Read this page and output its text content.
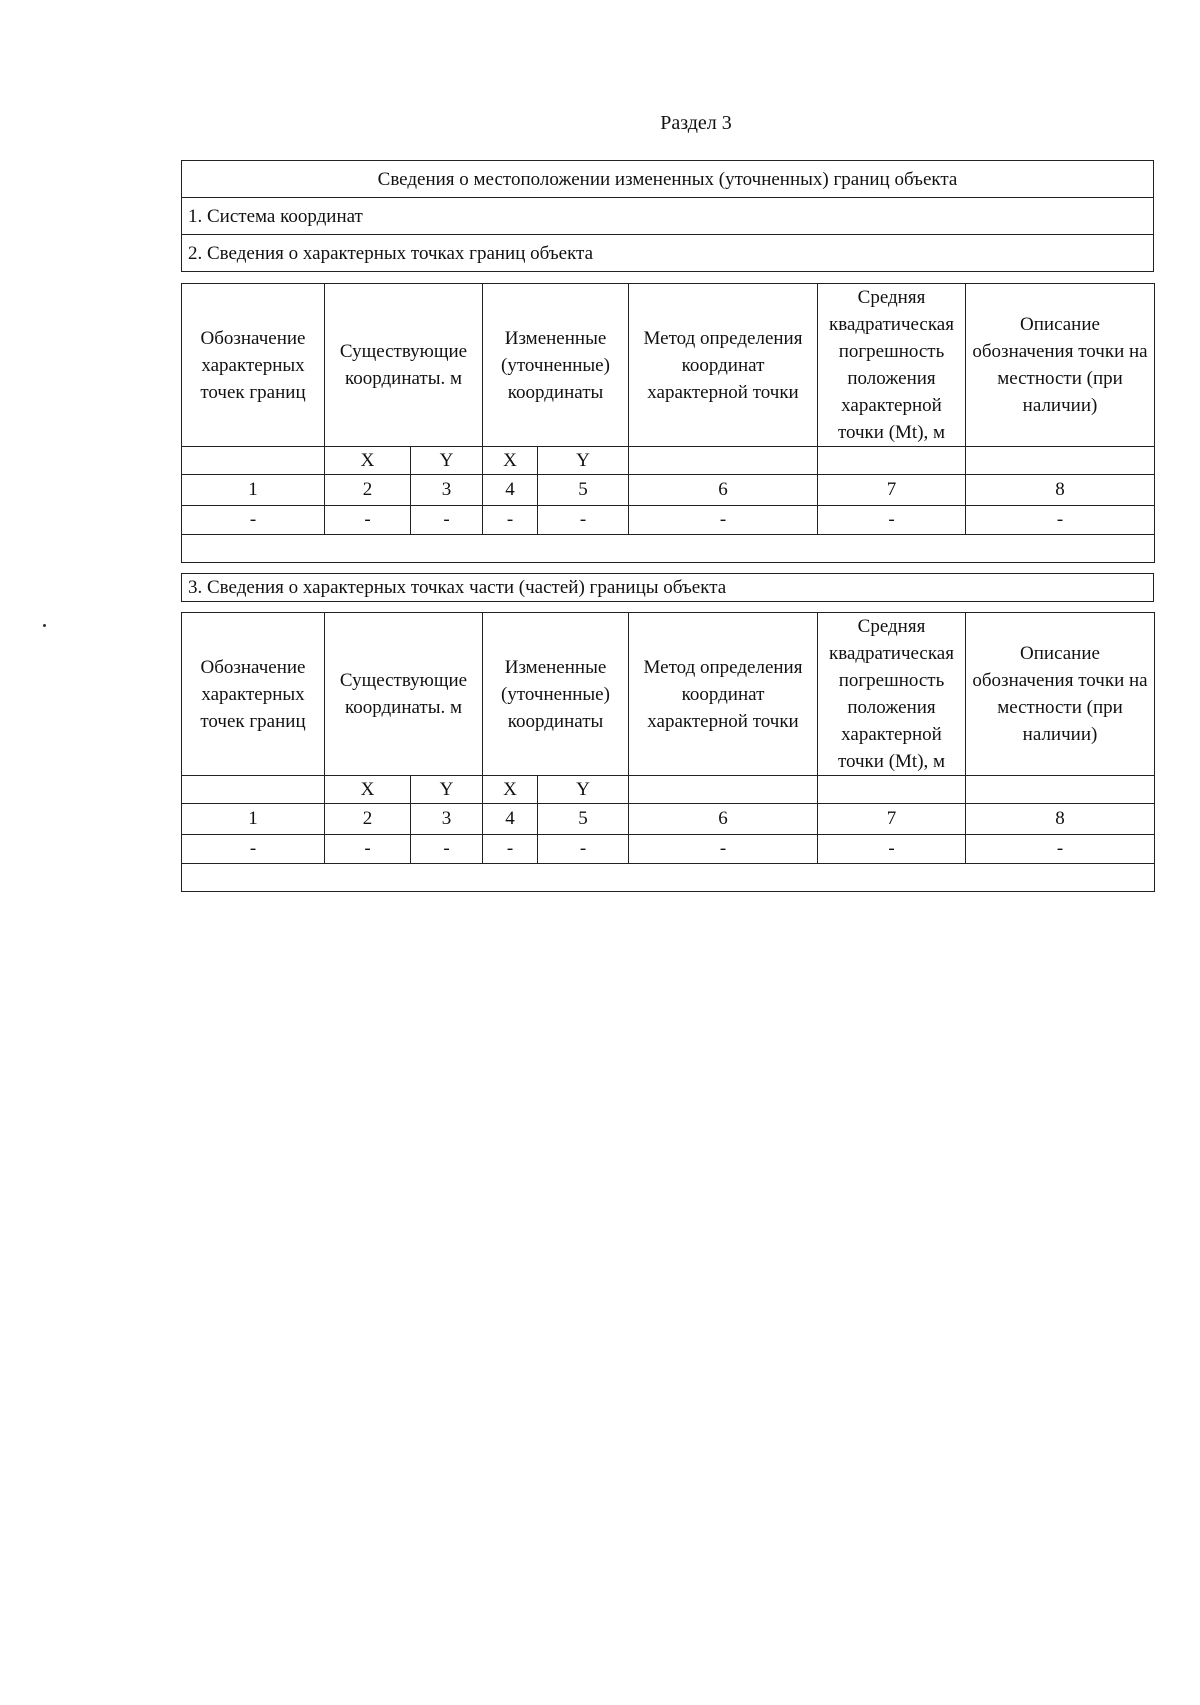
Раздел 3
Сведения о местоположении измененных (уточненных) границ объекта
1. Система координат
2. Сведения о характерных точках границ объекта
Обозначение характерных точек границ	Существующие координаты. м		Измененные (уточненные) координаты		Метод определения координат характерной точки	Средняя квадратическая погрешность положения характерной точки (Mt), м	Описание обозначения точки на местности (при наличии)
	X	Y	X	Y			
1	2	3	4	5	6	7	8
-	-	-	-	-	-	-	-

3. Сведения о характерных точках части (частей) границы объекта
Обозначение характерных точек границ	Существующие координаты. м		Измененные (уточненные) координаты		Метод определения координат характерной точки	Средняя квадратическая погрешность положения характерной точки (Mt), м	Описание обозначения точки на местности (при наличии)
	X	Y	X	Y			
1	2	3	4	5	6	7	8
-	-	-	-	-	-	-	-
